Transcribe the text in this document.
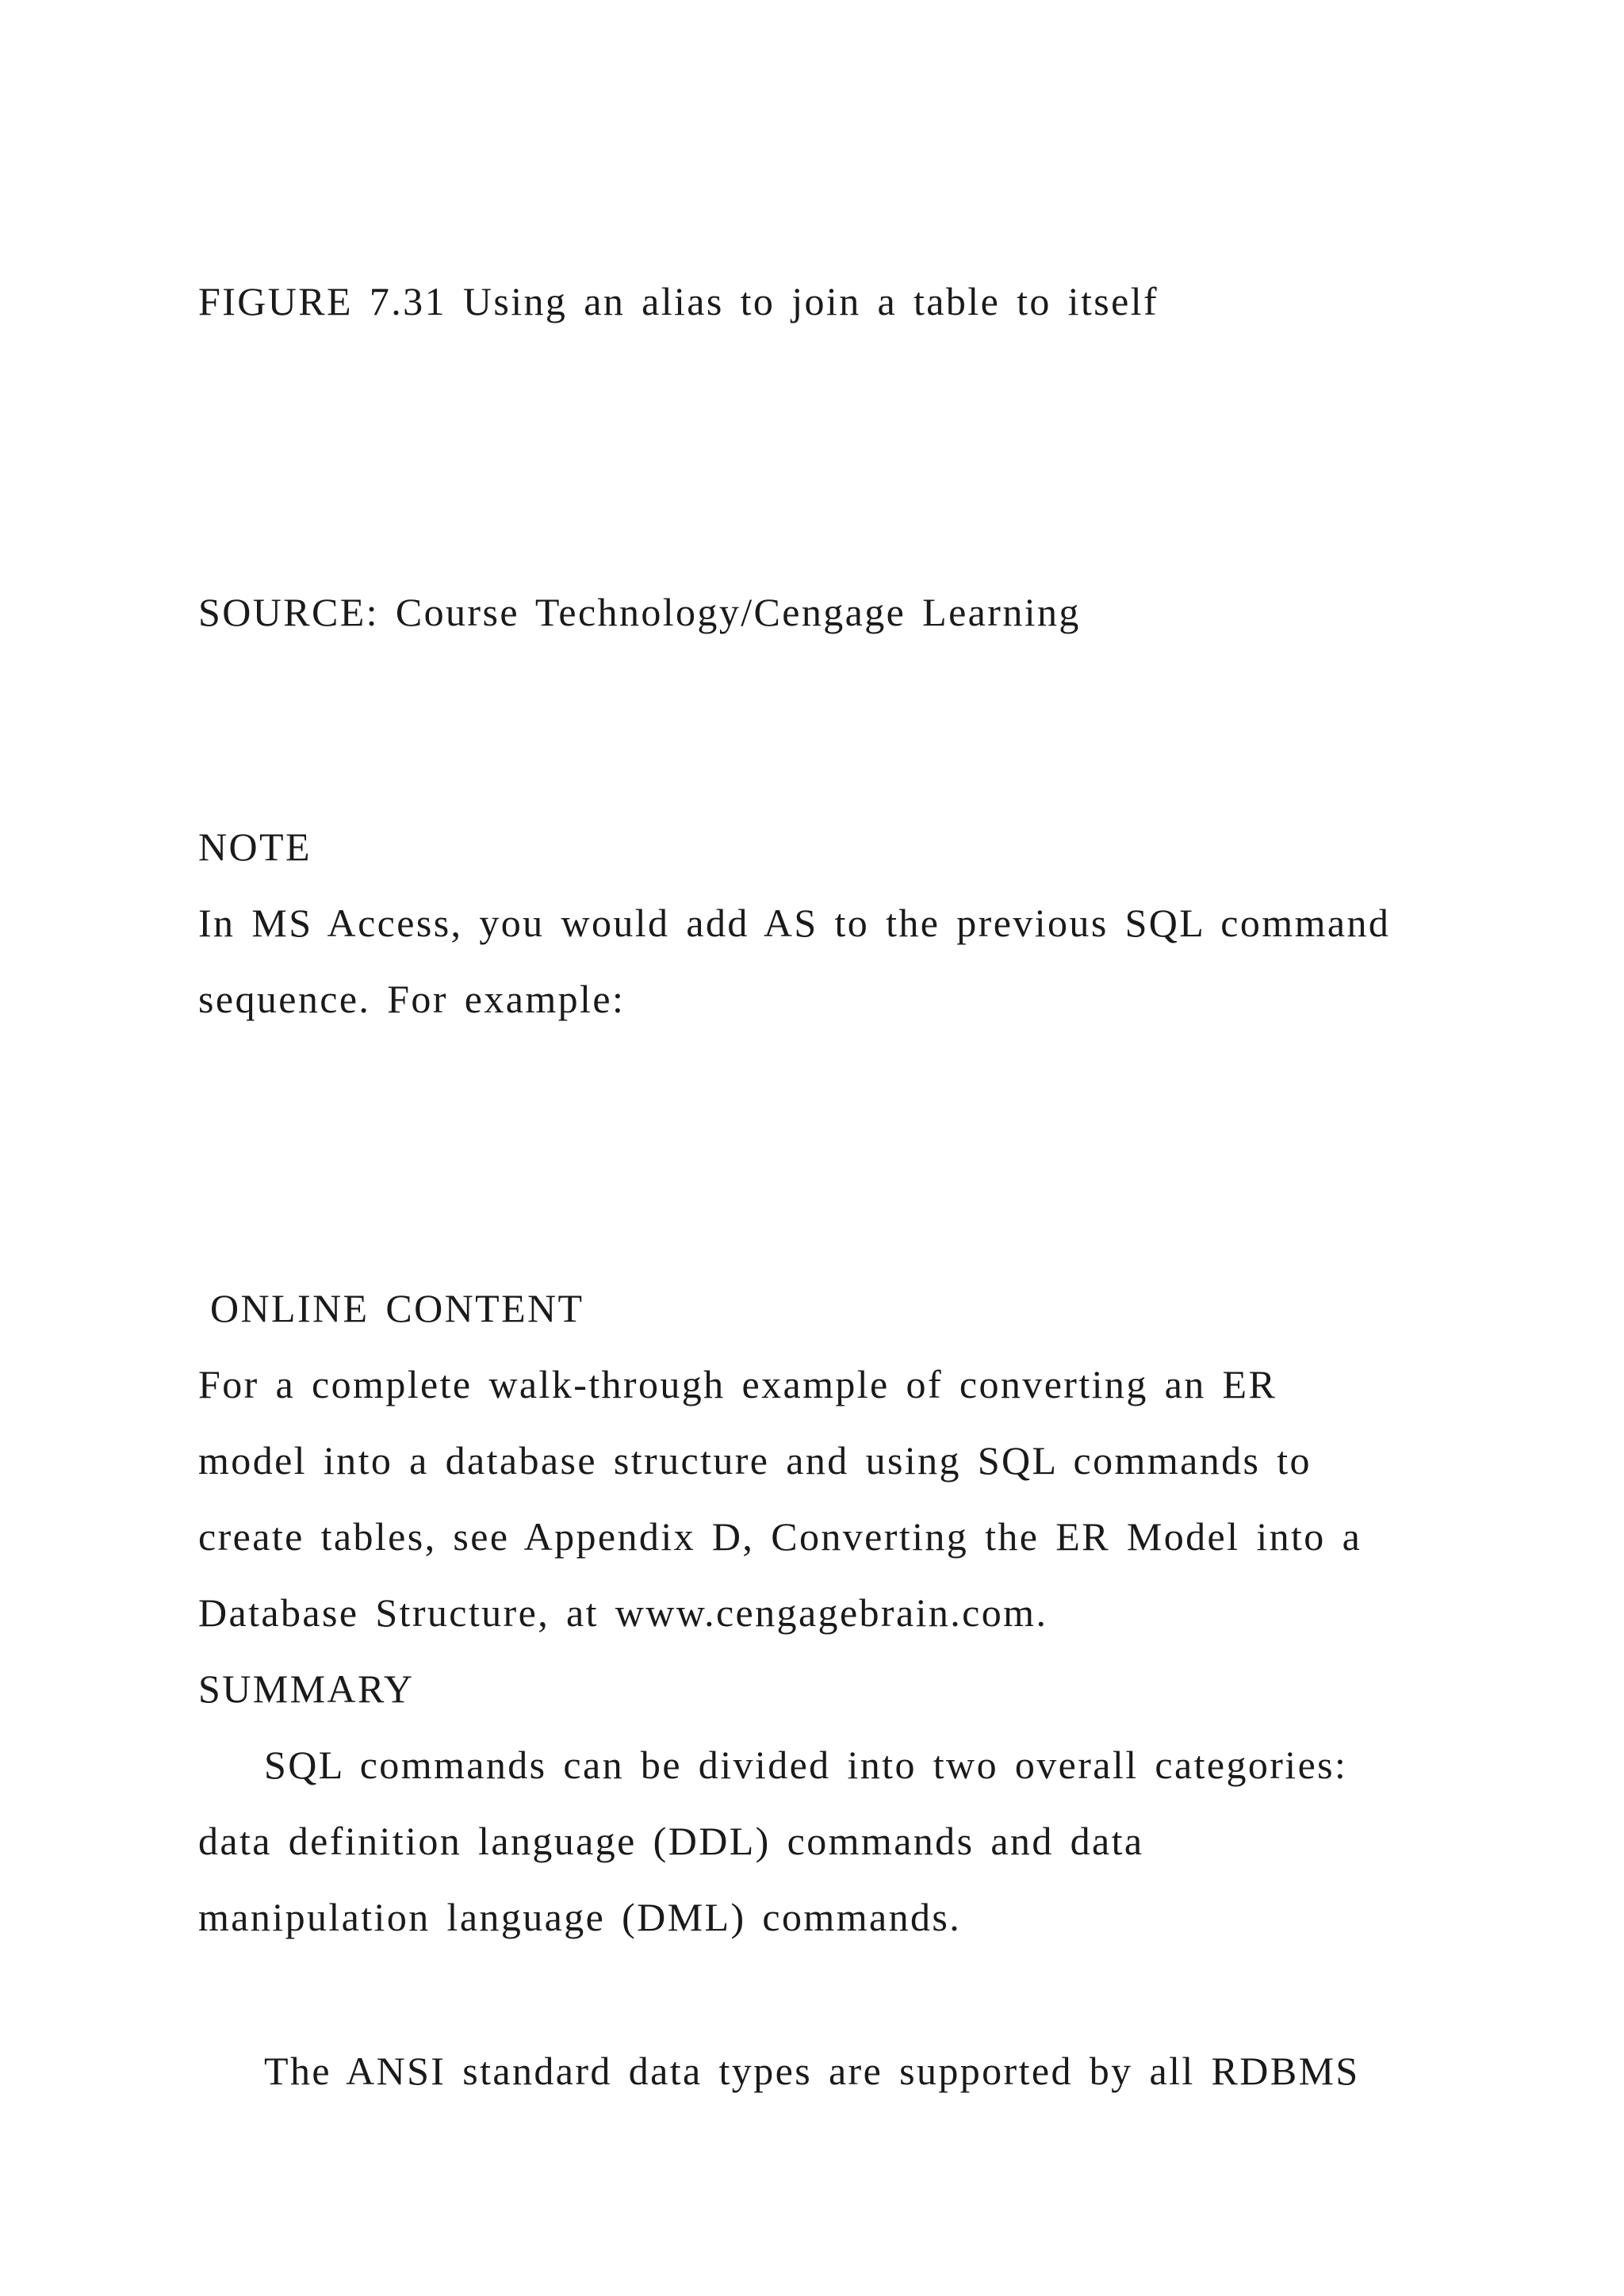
FIGURE 7.31 Using an alias to join a table to itself

SOURCE: Course Technology/Cengage Learning

NOTE

In MS Access, you would add AS to the previous SQL command

sequence. For example:

ONLINE CONTENT

For a complete walk-through example of converting an ER

model into a database structure and using SQL commands to

create tables, see Appendix D, Converting the ER Model into a

Database Structure, at www.cengagebrain.com.

SUMMARY

SQL commands can be divided into two overall categories:

data definition language (DDL) commands and data

manipulation language (DML) commands.

The ANSI standard data types are supported by all RDBMS
